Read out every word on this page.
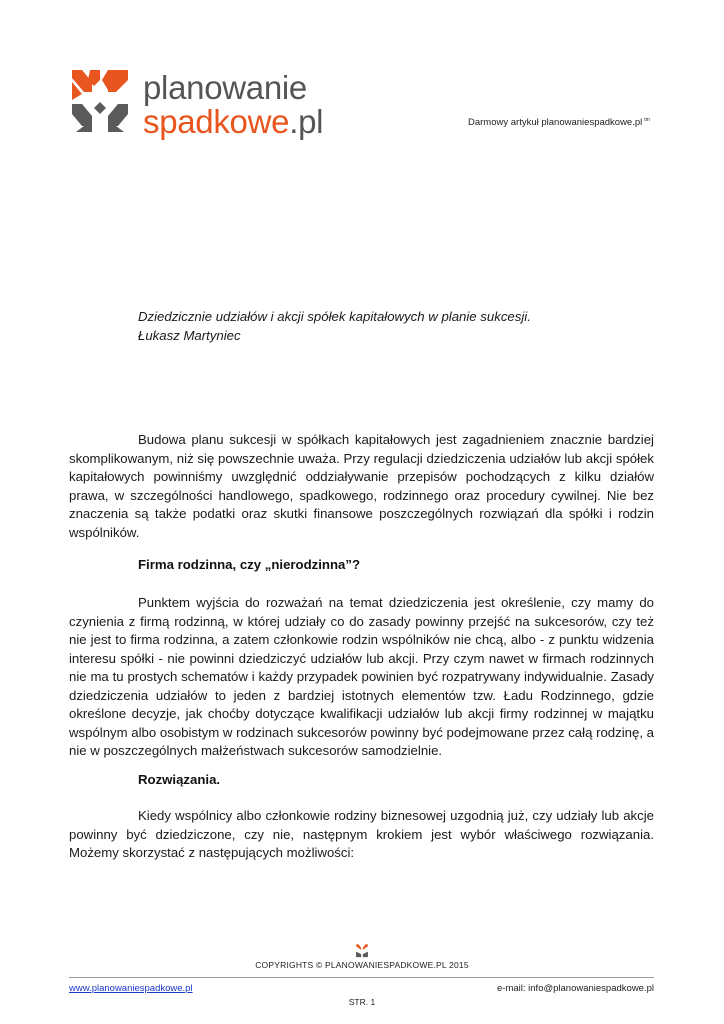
planowanie
spadkowe.pl	Darmowy artykuł planowaniespadkowe.pl $^{tm}$
Dziedzicznie udziałów i akcji spółek kapitałowych w planie sukcesji.
Łukasz Martyniec

Budowa planu sukcesji w spółkach kapitałowych jest zagadnieniem znacznie bardziej skomplikowanym, niż się powszechnie uważa. Przy regulacji dziedziczenia udziałów lub akcji spółek kapitałowych powinniśmy uwzględnić oddziaływanie przepisów pochodzących z kilku działów prawa, w szczególności handlowego, spadkowego, rodzinnego oraz procedury cywilnej. Nie bez znaczenia są także podatki oraz skutki finansowe poszczególnych rozwiązań dla spółki i rodzin wspólników.

Firma rodzinna, czy „nierodzinna”?

Punktem wyjścia do rozważań na temat dziedziczenia jest określenie, czy mamy do czynienia z firmą rodzinną, w której udziały co do zasady powinny przejść na sukcesorów, czy też nie jest to firma rodzinna, a zatem członkowie rodzin wspólników nie chcą, albo - z punktu widzenia interesu spółki - nie powinni dziedziczyć udziałów lub akcji. Przy czym nawet w firmach rodzinnych nie ma tu prostych schematów i każdy przypadek powinien być rozpatrywany indywidualnie. Zasady dziedziczenia udziałów to jeden z bardziej istotnych elementów tzw. Ładu Rodzinnego, gdzie określone decyzje, jak choćby dotyczące kwalifikacji udziałów lub akcji firmy rodzinnej w majątku wspólnym albo osobistym w rodzinach sukcesorów powinny być podejmowane przez całą rodzinę, a nie w poszczególnych małżeństwach sukcesorów samodzielnie.

Rozwiązania.

Kiedy wspólnicy albo członkowie rodziny biznesowej uzgodnią już, czy udziały lub akcje powinny być dziedziczone, czy nie, następnym krokiem jest wybór właściwego rozwiązania. Możemy skorzystać z następujących możliwości:

COPYRIGHTS © PLANOWANIESPADKOWE.PL 2015
www.planowaniespadkowe.pl	e-mail: info@planowaniespadkowe.pl
STR. 1
